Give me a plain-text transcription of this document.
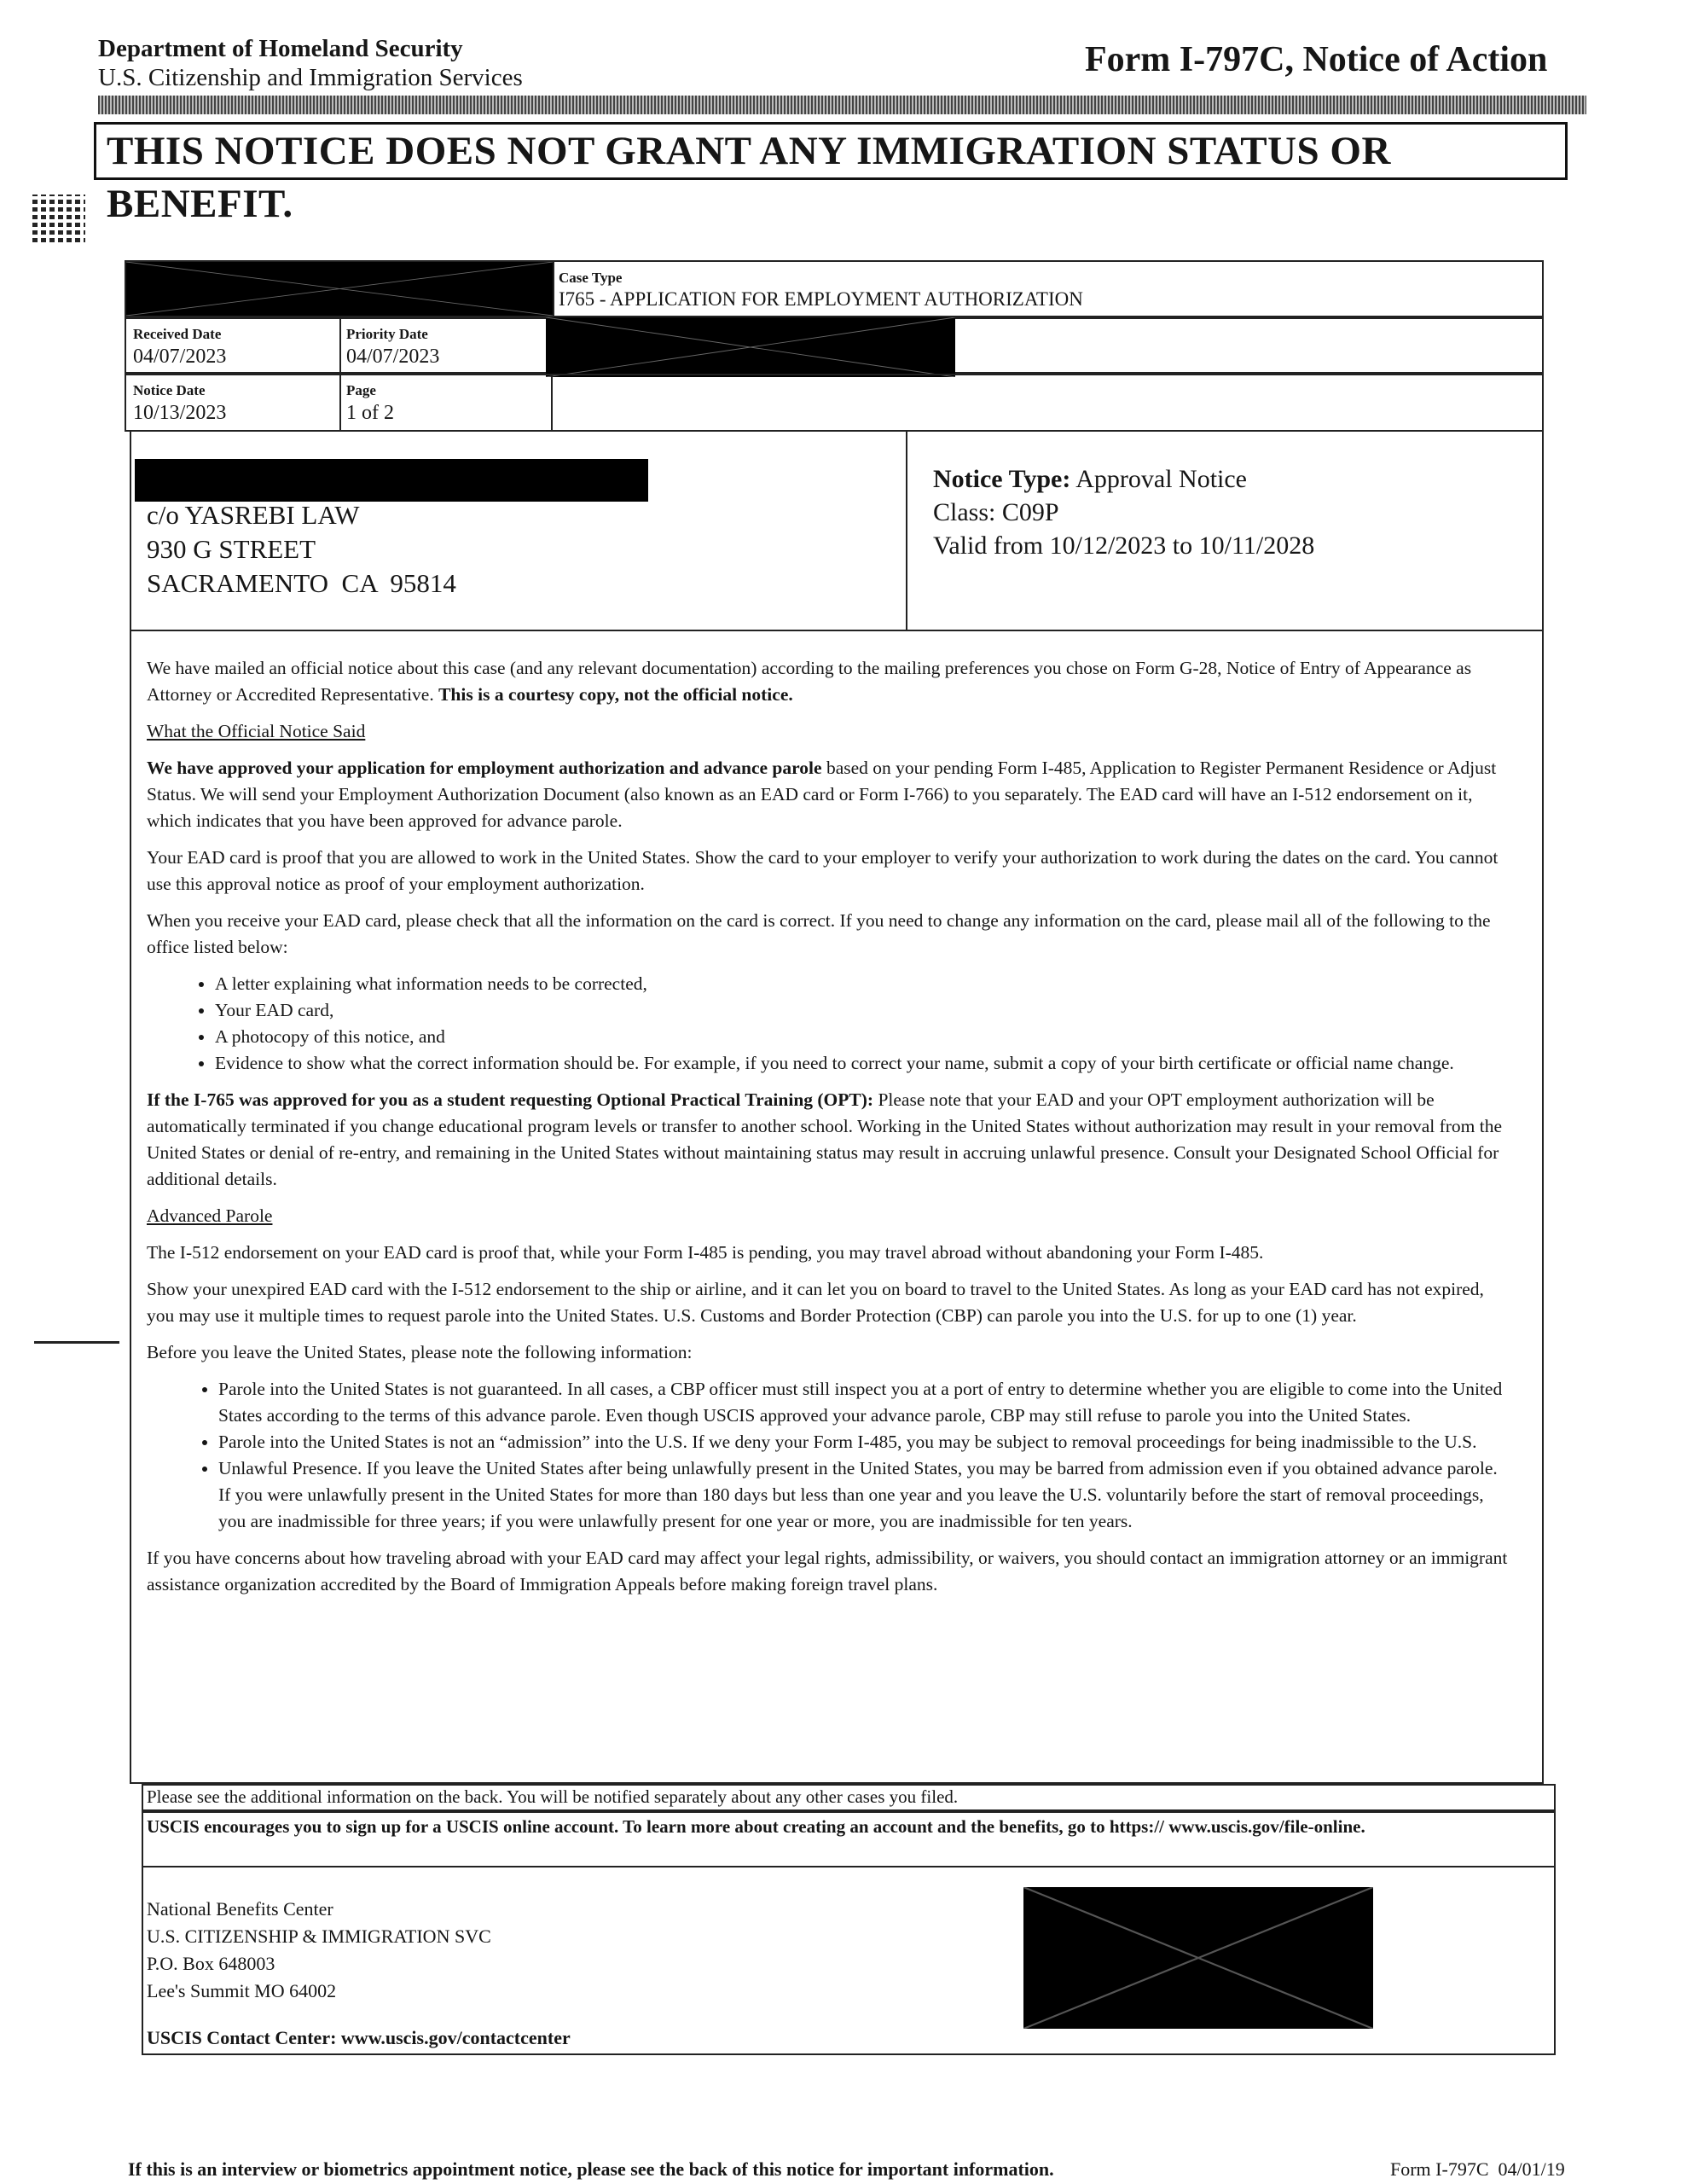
Department of Homeland Security
U.S. Citizenship and Immigration Services	Form I-797C, Notice of Action
THIS NOTICE DOES NOT GRANT ANY IMMIGRATION STATUS OR BENEFIT.
Case Type
I765 - APPLICATION FOR EMPLOYMENT AUTHORIZATION
Received Date
04/07/2023
Priority Date
04/07/2023
Notice Date
10/13/2023
Page
1 of 2
c/o YASREBI LAW
930 G STREET
SACRAMENTO  CA  95814
Notice Type: Approval Notice
Class: C09P
Valid from 10/12/2023 to 10/11/2028

We have mailed an official notice about this case (and any relevant documentation) according to the mailing preferences you chose on Form G-28, Notice of Entry of Appearance as Attorney or Accredited Representative. This is a courtesy copy, not the official notice.

What the Official Notice Said

We have approved your application for employment authorization and advance parole based on your pending Form I-485, Application to Register Permanent Residence or Adjust Status. We will send your Employment Authorization Document (also known as an EAD card or Form I-766) to you separately. The EAD card will have an I-512 endorsement on it, which indicates that you have been approved for advance parole.

Your EAD card is proof that you are allowed to work in the United States. Show the card to your employer to verify your authorization to work during the dates on the card. You cannot use this approval notice as proof of your employment authorization.

When you receive your EAD card, please check that all the information on the card is correct. If you need to change any information on the card, please mail all of the following to the office listed below:

• A letter explaining what information needs to be corrected,
• Your EAD card,
• A photocopy of this notice, and
• Evidence to show what the correct information should be. For example, if you need to correct your name, submit a copy of your birth certificate or official name change.

If the I-765 was approved for you as a student requesting Optional Practical Training (OPT): Please note that your EAD and your OPT employment authorization will be automatically terminated if you change educational program levels or transfer to another school. Working in the United States without authorization may result in your removal from the United States or denial of re-entry, and remaining in the United States without maintaining status may result in accruing unlawful presence. Consult your Designated School Official for additional details.

Advanced Parole

The I-512 endorsement on your EAD card is proof that, while your Form I-485 is pending, you may travel abroad without abandoning your Form I-485.

Show your unexpired EAD card with the I-512 endorsement to the ship or airline, and it can let you on board to travel to the United States. As long as your EAD card has not expired, you may use it multiple times to request parole into the United States. U.S. Customs and Border Protection (CBP) can parole you into the U.S. for up to one (1) year.

Before you leave the United States, please note the following information:

• Parole into the United States is not guaranteed. In all cases, a CBP officer must still inspect you at a port of entry to determine whether you are eligible to come into the United States according to the terms of this advance parole. Even though USCIS approved your advance parole, CBP may still refuse to parole you into the United States.
• Parole into the United States is not an “admission” into the U.S. If we deny your Form I-485, you may be subject to removal proceedings for being inadmissible to the U.S.
• Unlawful Presence. If you leave the United States after being unlawfully present in the United States, you may be barred from admission even if you obtained advance parole. If you were unlawfully present in the United States for more than 180 days but less than one year and you leave the U.S. voluntarily before the start of removal proceedings, you are inadmissible for three years; if you were unlawfully present for one year or more, you are inadmissible for ten years.

If you have concerns about how traveling abroad with your EAD card may affect your legal rights, admissibility, or waivers, you should contact an immigration attorney or an immigrant assistance organization accredited by the Board of Immigration Appeals before making foreign travel plans.

Please see the additional information on the back. You will be notified separately about any other cases you filed.
USCIS encourages you to sign up for a USCIS online account. To learn more about creating an account and the benefits, go to https:// www.uscis.gov/file-online.
National Benefits Center
U.S. CITIZENSHIP & IMMIGRATION SVC
P.O. Box 648003
Lee's Summit MO 64002
USCIS Contact Center: www.uscis.gov/contactcenter
If this is an interview or biometrics appointment notice, please see the back of this notice for important information.	Form I-797C  04/01/19
